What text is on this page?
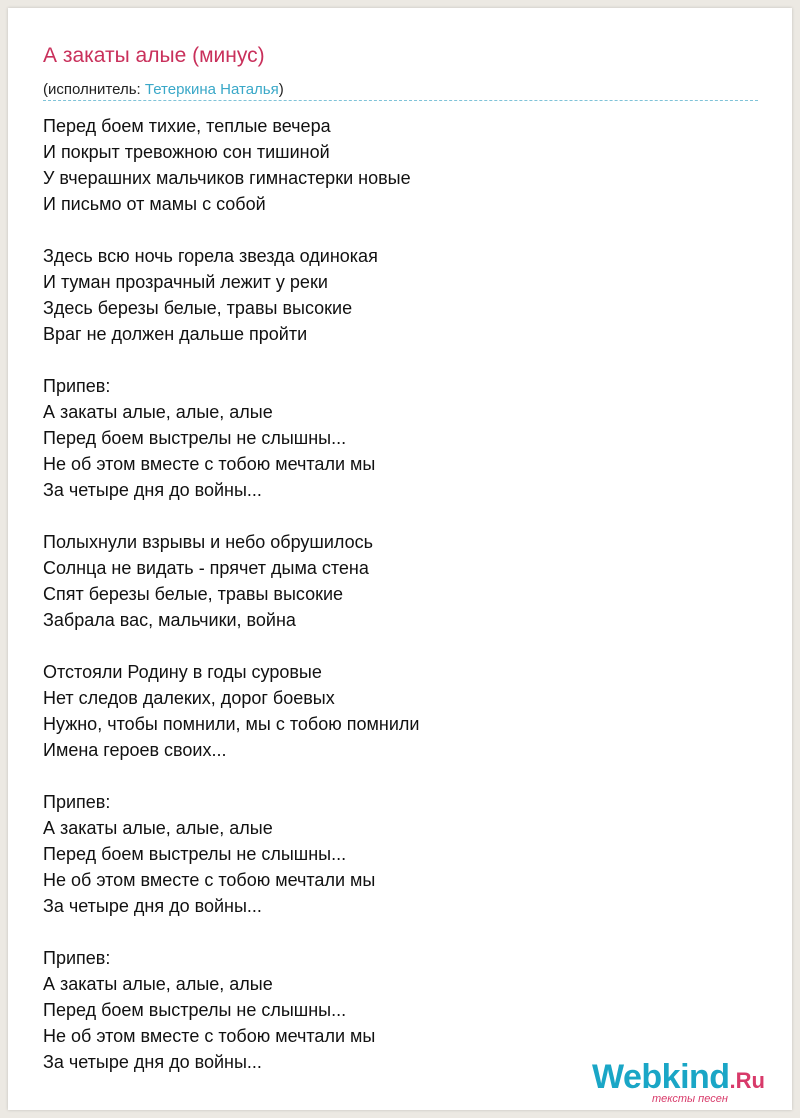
А закаты алые (минус)
(исполнитель: Тетеркина Наталья)
Перед боем тихие, теплые вечера
И покрыт тревожною сон тишиной
У вчерашних мальчиков гимнастерки новые
И письмо от мамы с собой
Здесь всю ночь горела звезда одинокая
И туман прозрачный лежит у реки
Здесь березы белые, травы высокие
Враг не должен дальше пройти
Припев:
А закаты алые, алые, алые
Перед боем выстрелы не слышны...
Не об этом вместе с тобою мечтали мы
За четыре дня до войны...
Полыхнули взрывы и небо обрушилось
Солнца не видать - прячет дыма стена
Спят березы белые, травы высокие
Забрала вас, мальчики, война
Отстояли Родину в годы суровые
Нет следов далеких, дорог боевых
Нужно, чтобы помнили, мы с тобою помнили
Имена героев своих...
Припев:
А закаты алые, алые, алые
Перед боем выстрелы не слышны...
Не об этом вместе с тобою мечтали мы
За четыре дня до войны...
Припев:
А закаты алые, алые, алые
Перед боем выстрелы не слышны...
Не об этом вместе с тобою мечтали мы
За четыре дня до войны...	Webkind.Ru
тексты песен
